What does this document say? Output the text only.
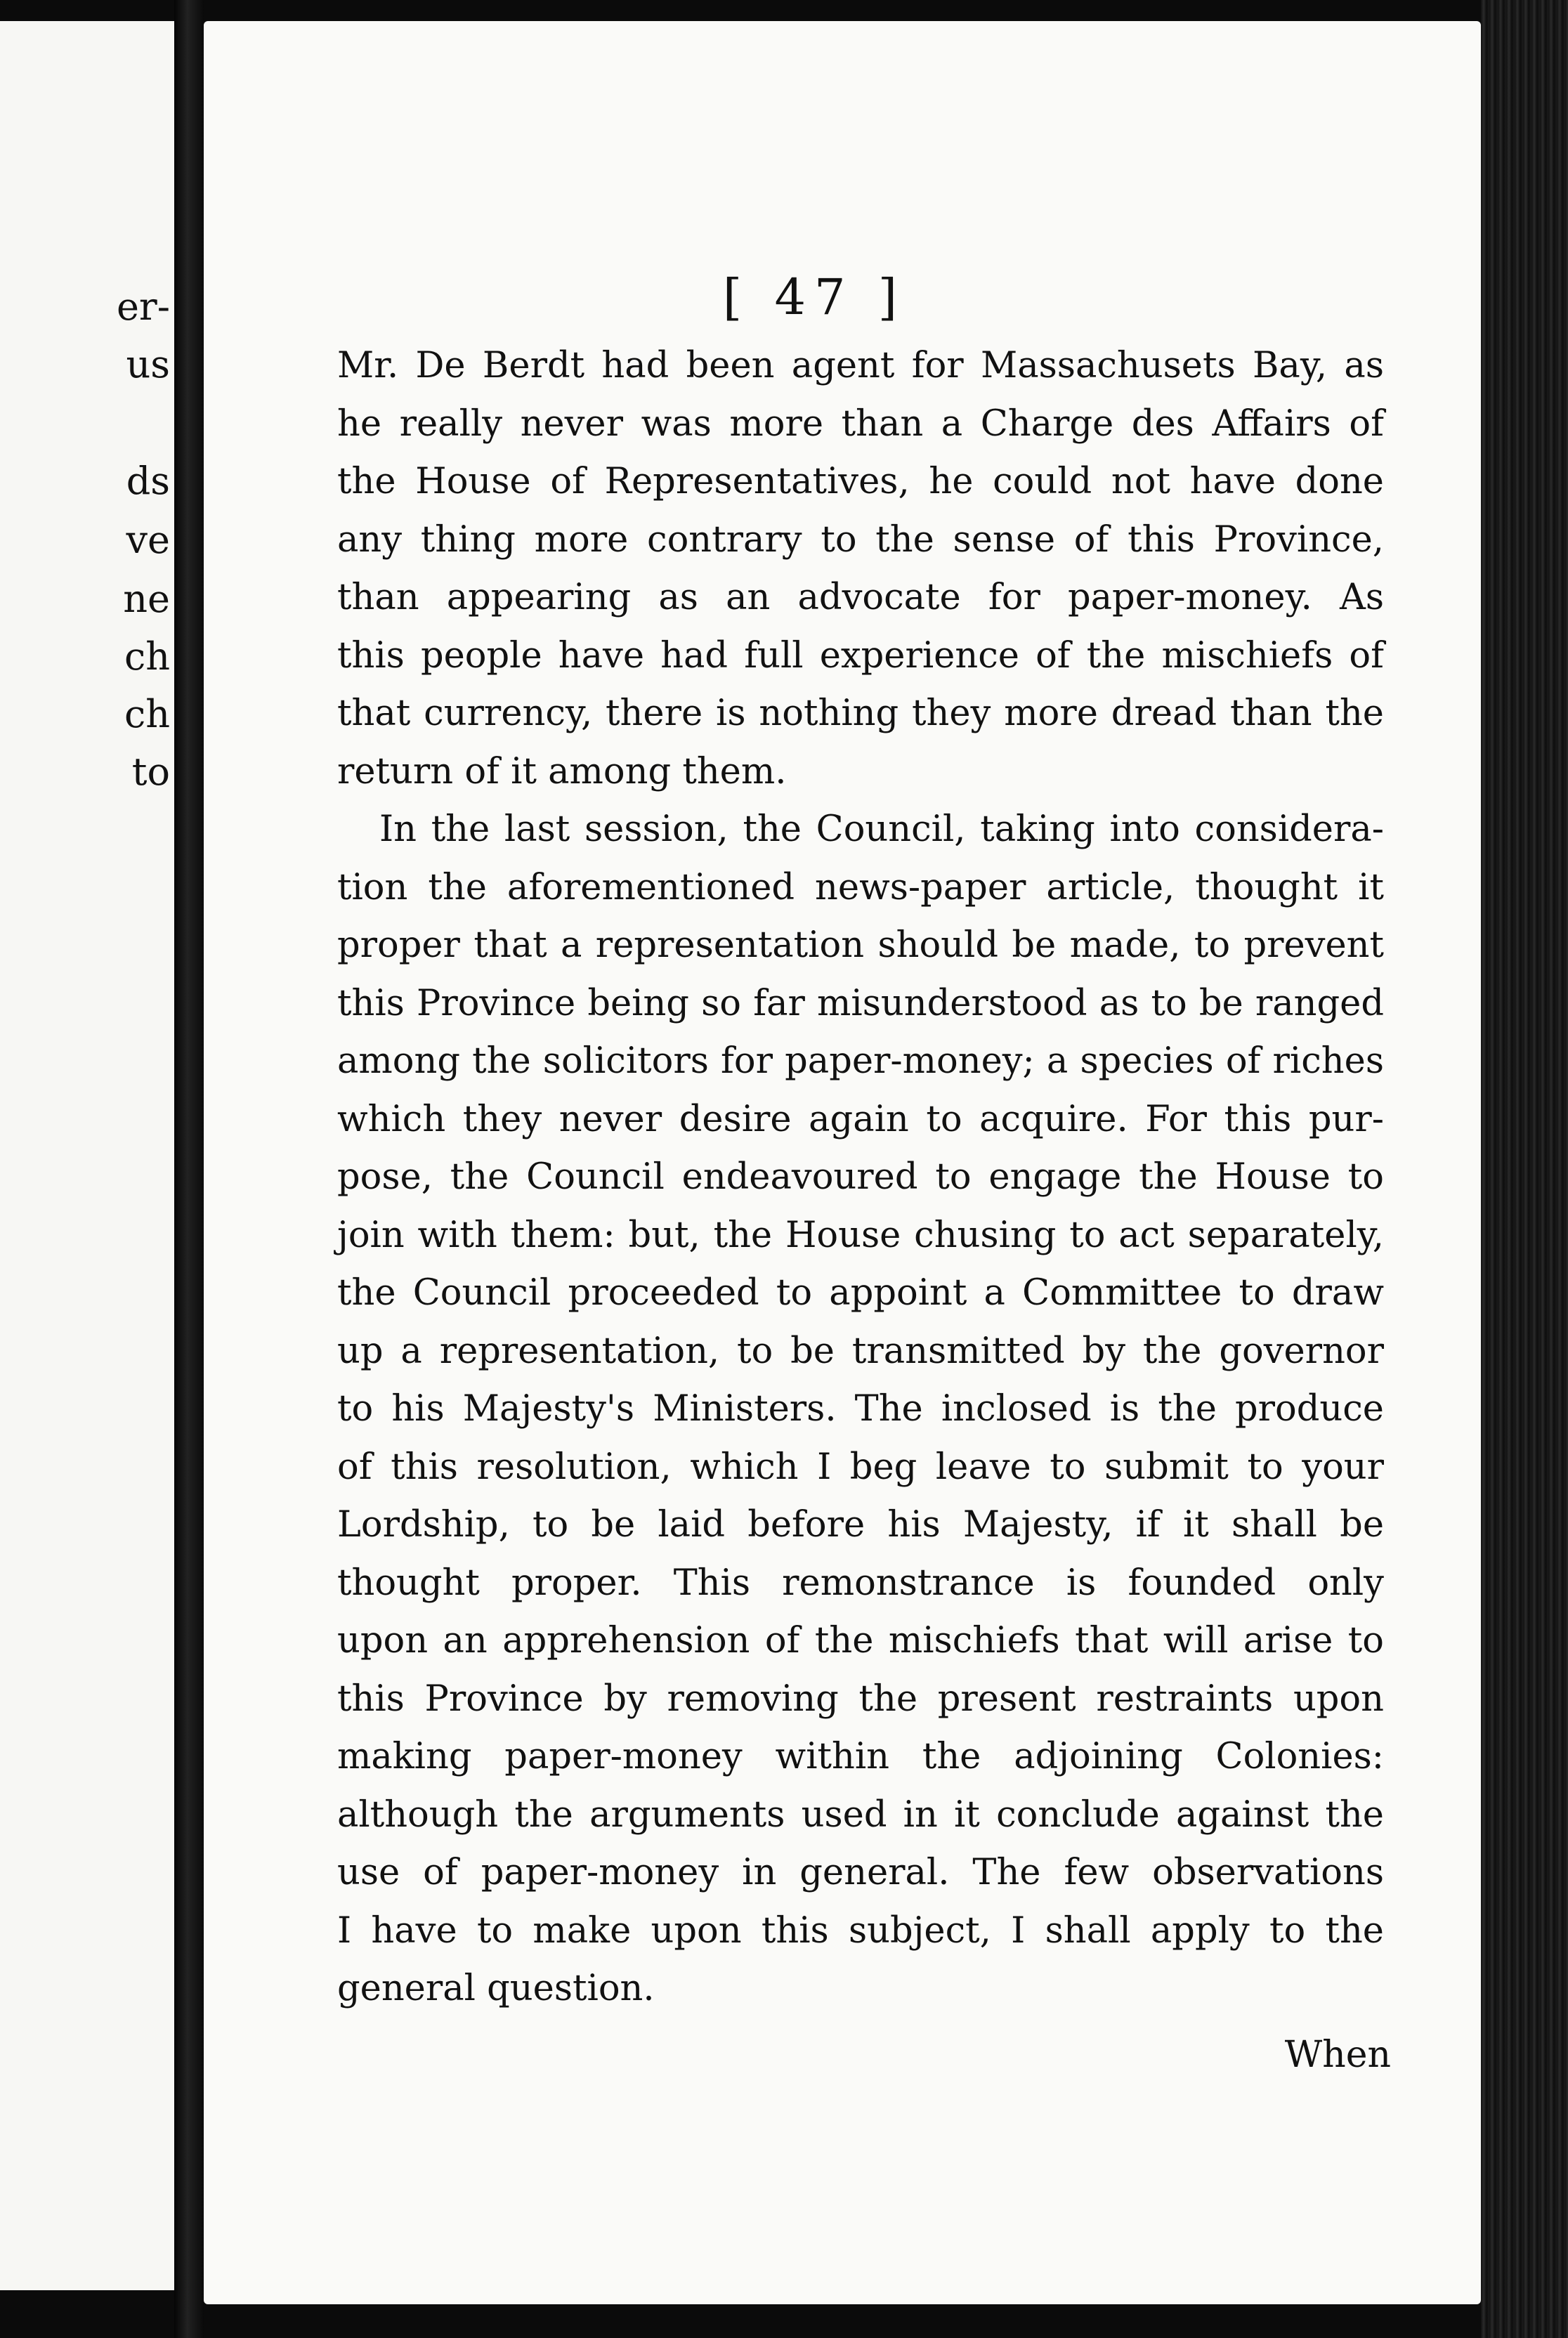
er-
us
ds
ve
ne
ch
ch
to
[ 47 ]
Mr. De Berdt had been agent for Massachusets Bay, as
he really never was more than a Charge des Affairs of
the House of Representatives, he could not have done
any thing more contrary to the sense of this Province,
than appearing as an advocate for paper-money. As
this people have had full experience of the mischiefs of
that currency, there is nothing they more dread than the
return of it among them.
In the last session, the Council, taking into considera-
tion the aforementioned news-paper article, thought it
proper that a representation should be made, to prevent
this Province being so far misunderstood as to be ranged
among the solicitors for paper-money; a species of riches
which they never desire again to acquire. For this pur-
pose, the Council endeavoured to engage the House to
join with them: but, the House chusing to act separately,
the Council proceeded to appoint a Committee to draw
up a representation, to be transmitted by the governor
to his Majesty's Ministers. The inclosed is the produce
of this resolution, which I beg leave to submit to your
Lordship, to be laid before his Majesty, if it shall be
thought proper. This remonstrance is founded only
upon an apprehension of the mischiefs that will arise to
this Province by removing the present restraints upon
making paper-money within the adjoining Colonies:
although the arguments used in it conclude against the
use of paper-money in general. The few observations
I have to make upon this subject, I shall apply to the
general question.
When
